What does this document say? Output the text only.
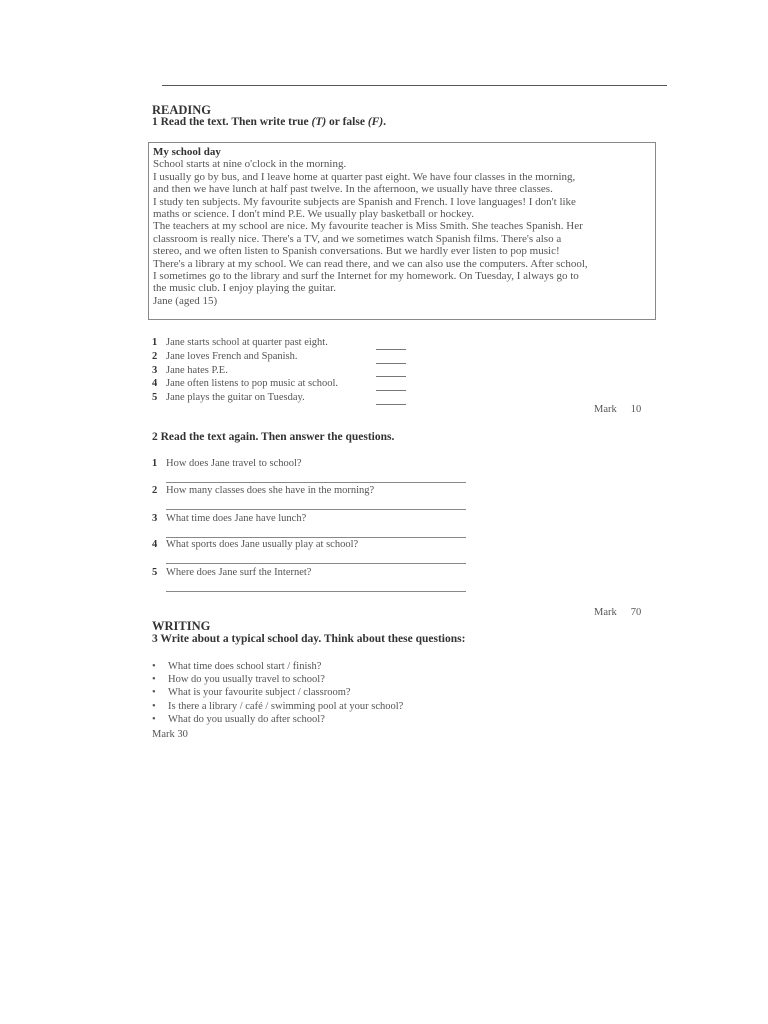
READING
1 Read the text. Then write true (T) or false (F).
My school day
School starts at nine o'clock in the morning.
I usually go by bus, and I leave home at quarter past eight. We have four classes in the morning,
and then we have lunch at half past twelve. In the afternoon, we usually have three classes.
I study ten subjects. My favourite subjects are Spanish and French. I love languages! I don't like
maths or science. I don't mind P.E. We usually play basketball or hockey.
The teachers at my school are nice. My favourite teacher is Miss Smith. She teaches Spanish. Her
classroom is really nice. There's a TV, and we sometimes watch Spanish films. There's also a
stereo, and we often listen to Spanish conversations. But we hardly ever listen to pop music!
There's a library at my school. We can read there, and we can also use the computers. After school,
I sometimes go to the library and surf the Internet for my homework. On Tuesday, I always go to
the music club. I enjoy playing the guitar.
Jane (aged 15)
1 Jane starts school at quarter past eight.
2 Jane loves French and Spanish.
3 Jane hates P.E.
4 Jane often listens to pop music at school.
5 Jane plays the guitar on Tuesday.
Mark 10
2 Read the text again. Then answer the questions.
1 How does Jane travel to school?
2 How many classes does she have in the morning?
3 What time does Jane have lunch?
4 What sports does Jane usually play at school?
5 Where does Jane surf the Internet?
Mark 70
WRITING
3 Write about a typical school day. Think about these questions:
• What time does school start / finish?
• How do you usually travel to school?
• What is your favourite subject / classroom?
• Is there a library / café / swimming pool at your school?
• What do you usually do after school?
Mark 30
